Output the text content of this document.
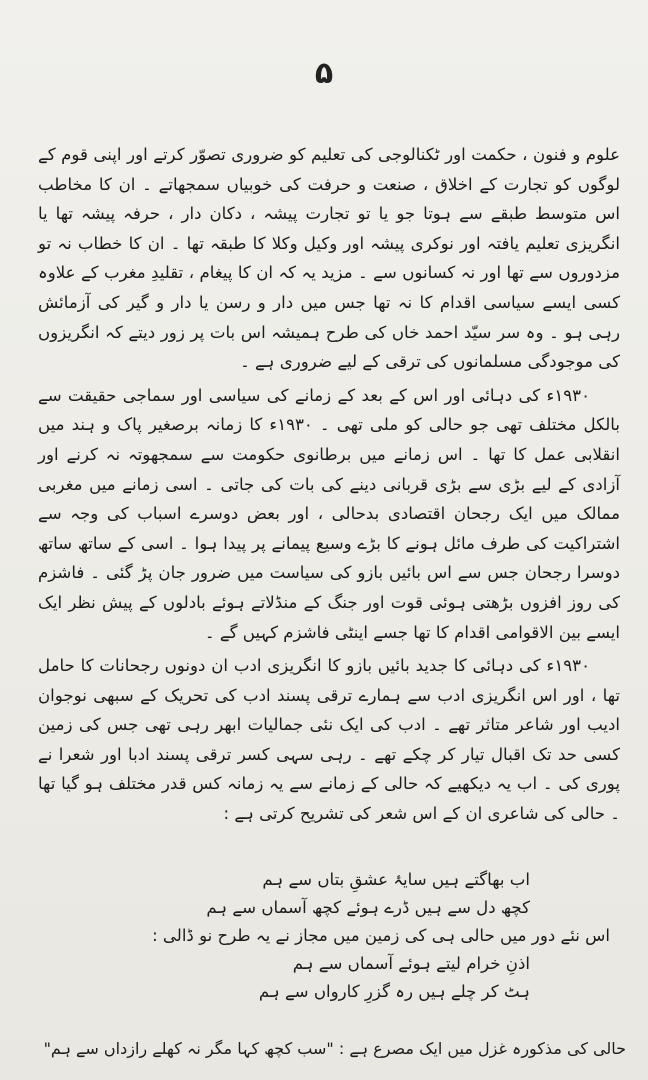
۵

علوم و فنون ، حکمت اور ٹکنالوجی کی تعلیم کو ضروری تصوّر کرتے اور اپنی قوم کے لوگوں کو تجارت کے اخلاق ، صنعت و حرفت کی خوبیاں سمجھاتے ۔ ان کا مخاطب اس متوسط طبقے سے ہوتا جو یا تو تجارت پیشہ ، دکان دار ، حرفہ پیشہ تھا یا انگریزی تعلیم یافتہ اور نوکری پیشہ اور وکیل وکلا کا طبقہ تھا ۔ ان کا خطاب نہ تو مزدوروں سے تھا اور نہ کسانوں سے ۔ مزید یہ کہ ان کا پیغام ، تقلیدِ مغرب کے علاوہ کسی ایسے سیاسی اقدام کا نہ تھا جس میں دار و رسن یا دار و گیر کی آزمائش رہی ہو ۔ وہ سر سیّد احمد خاں کی طرح ہمیشہ اس بات پر زور دیتے کہ انگریزوں کی موجودگی مسلمانوں کی ترقی کے لیے ضروری ہے ۔

۱۹۳۰ء کی دہائی اور اس کے بعد کے زمانے کی سیاسی اور سماجی حقیقت سے بالکل مختلف تھی جو حالی کو ملی تھی ۔ ۱۹۳۰ء کا زمانہ برصغیر پاک و ہند میں انقلابی عمل کا تھا ۔ اس زمانے میں برطانوی حکومت سے سمجھوتہ نہ کرنے اور آزادی کے لیے بڑی سے بڑی قربانی دینے کی بات کی جاتی ۔ اسی زمانے میں مغربی ممالک میں ایک رجحان اقتصادی بدحالی ، اور بعض دوسرے اسباب کی وجہ سے اشتراکیت کی طرف مائل ہونے کا بڑے وسیع پیمانے پر پیدا ہوا ۔ اسی کے ساتھ ساتھ دوسرا رجحان جس سے اس بائیں بازو کی سیاست میں ضرور جان پڑ گئی ۔ فاشزم کی روز افزوں بڑھتی ہوئی قوت اور جنگ کے منڈلاتے ہوئے بادلوں کے پیش نظر ایک ایسے بین الاقوامی اقدام کا تھا جسے اینٹی فاشزم کہیں گے ۔

۱۹۳۰ء کی دہائی کا جدید بائیں بازو کا انگریزی ادب ان دونوں رجحانات کا حامل تھا ، اور اس انگریزی ادب سے ہمارے ترقی پسند ادب کی تحریک کے سبھی نوجوان ادیب اور شاعر متاثر تھے ۔ ادب کی ایک نئی جمالیات ابھر رہی تھی جس کی زمین کسی حد تک اقبال تیار کر چکے تھے ۔ رہی سہی کسر ترقی پسند ادبا اور شعرا نے پوری کی ۔ اب یہ دیکھیے کہ حالی کے زمانے سے یہ زمانہ کس قدر مختلف ہو گیا تھا ۔ حالی کی شاعری ان کے اس شعر کی تشریح کرتی ہے :

اب بھاگتے ہیں سایۂ عشقِ بتاں سے ہم
کچھ دل سے ہیں ڈرے ہوئے کچھ آسماں سے ہم
اس نئے دور میں حالی ہی کی زمین میں مجاز نے یہ طرح نو ڈالی :
اذنِ خرام لیتے ہوئے آسماں سے ہم
ہٹ کر چلے ہیں رہ گزرِ کارواں سے ہم
حالی کی مذکورہ غزل میں ایک مصرع ہے : "سب کچھ کہا مگر نہ کھلے رازداں سے ہم"
